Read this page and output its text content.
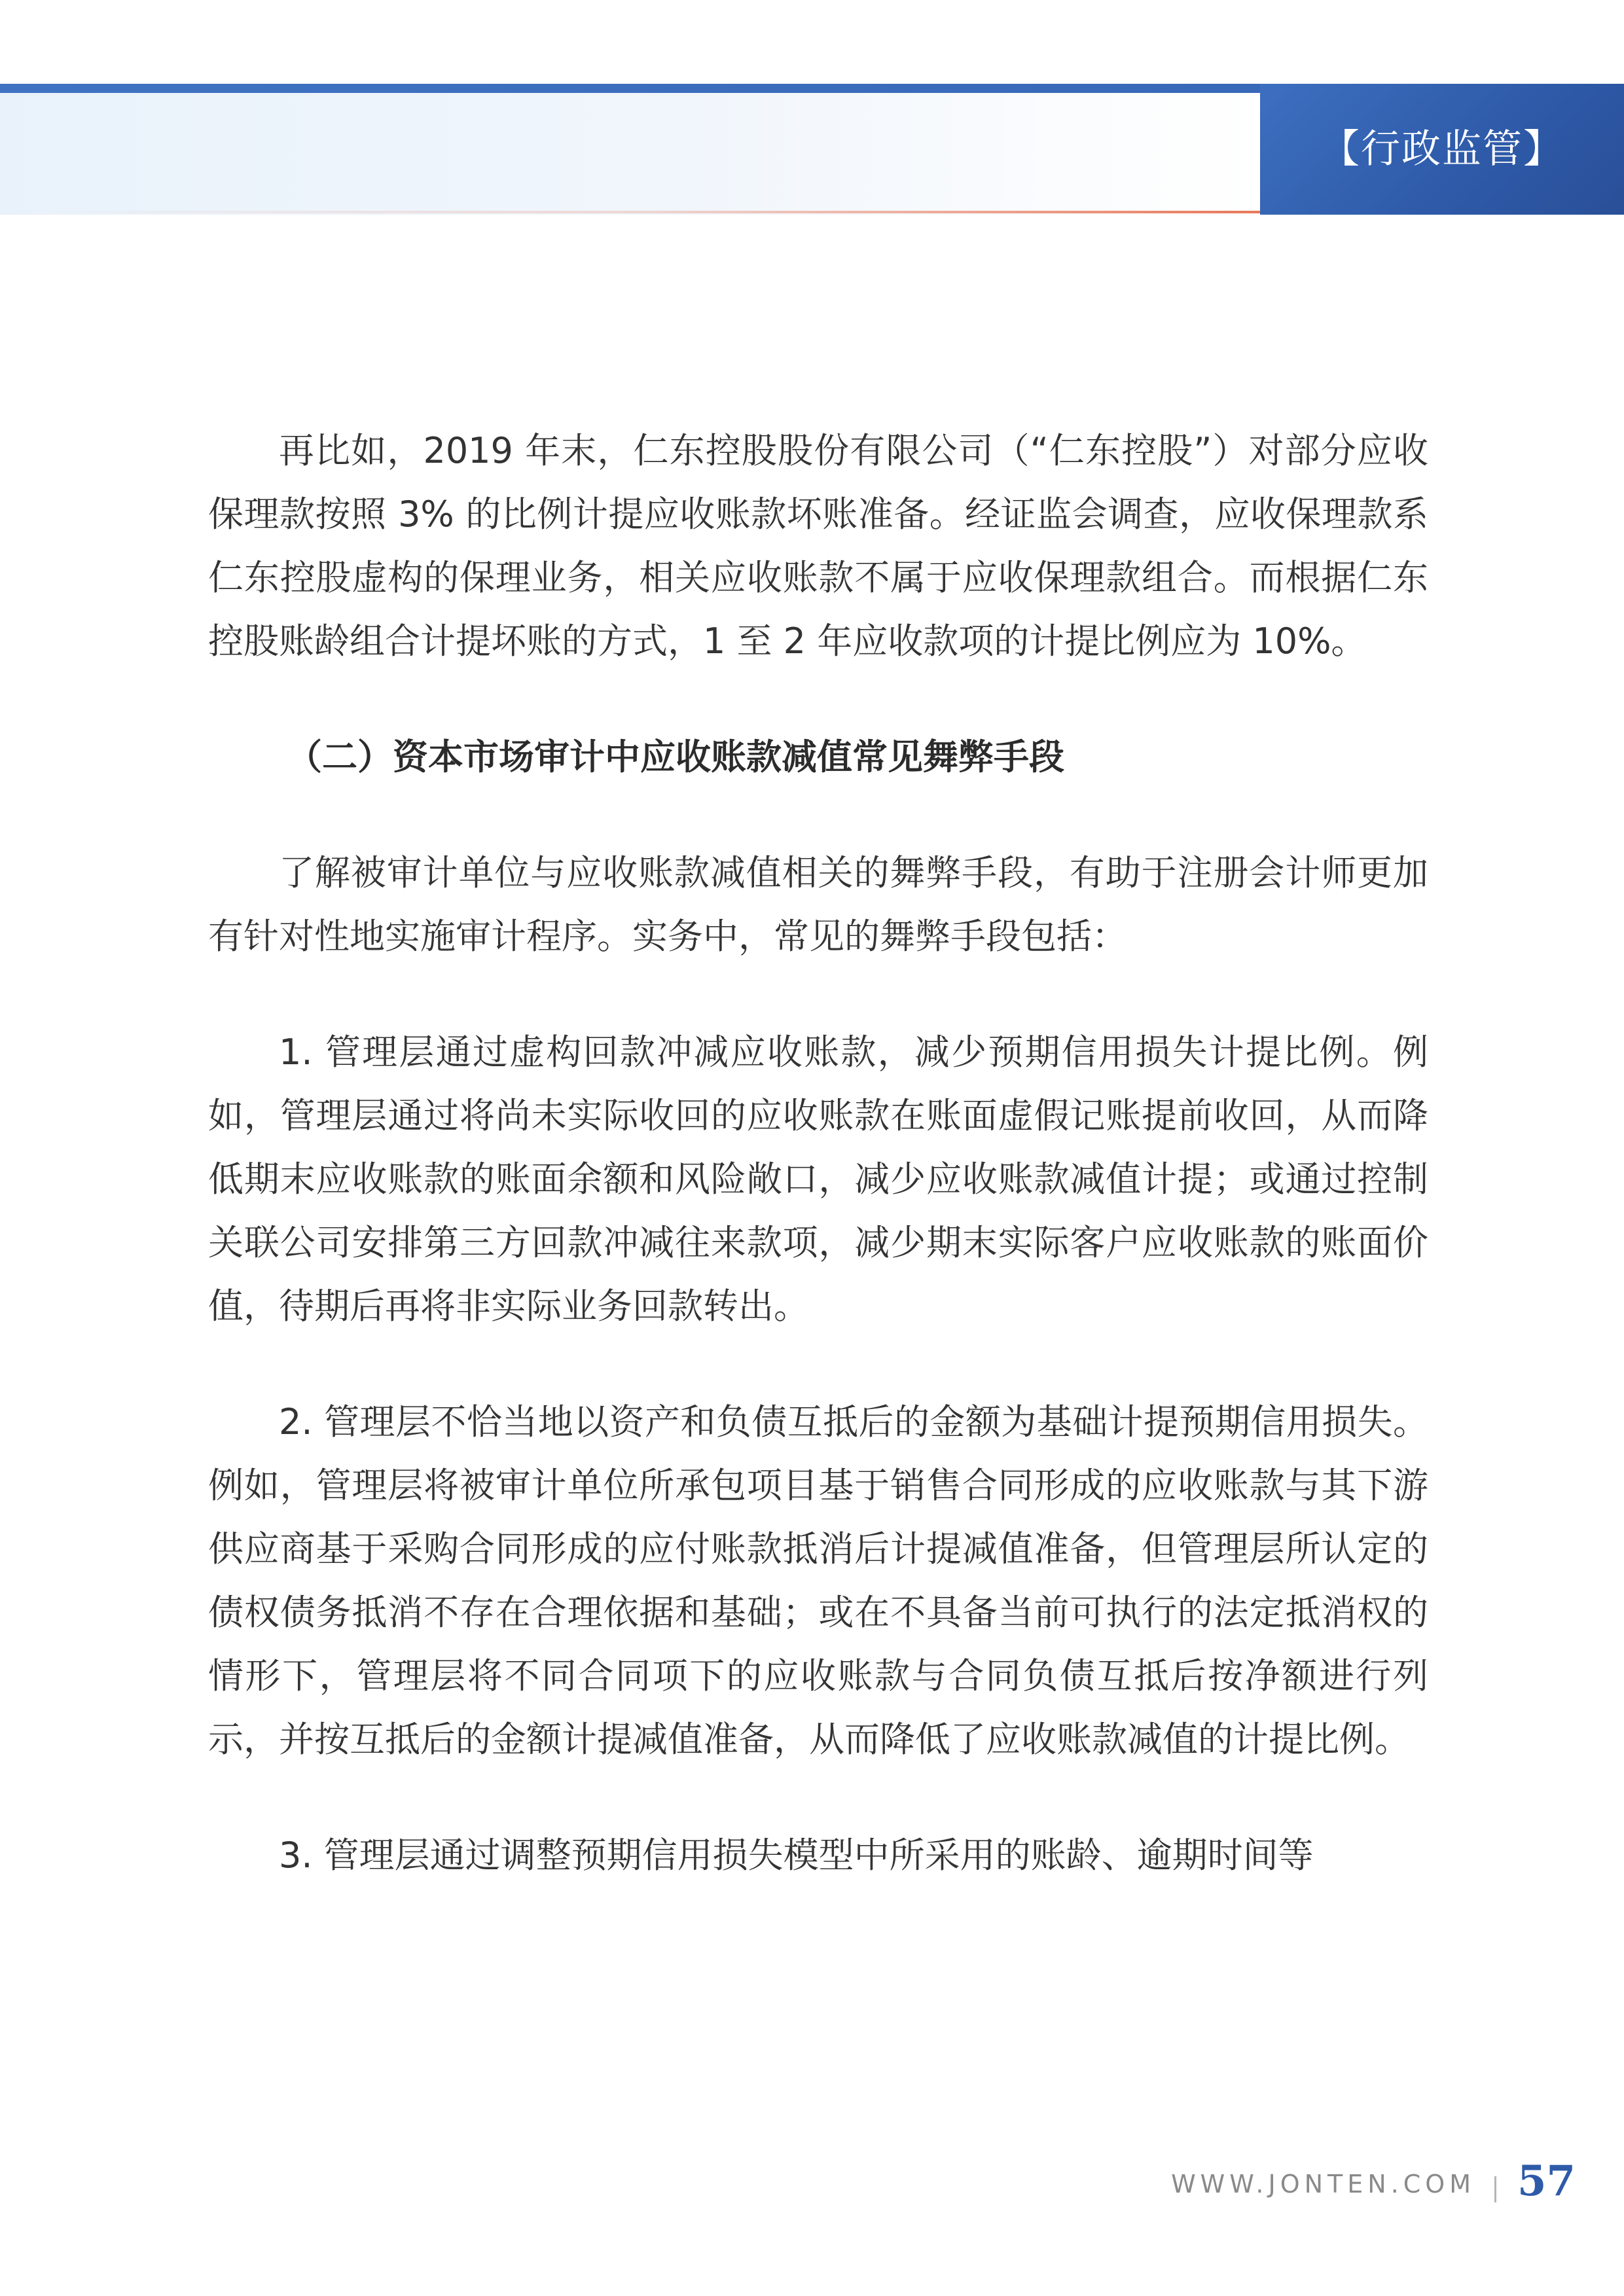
【行政监管】

再比如，2019 年末，仁东控股股份有限公司（“仁东控股”）对部分应收保理款按照 3% 的比例计提应收账款坏账准备。经证监会调查，应收保理款系仁东控股虚构的保理业务，相关应收账款不属于应收保理款组合。而根据仁东控股账龄组合计提坏账的方式，1 至 2 年应收款项的计提比例应为 10%。

（二）资本市场审计中应收账款减值常见舞弊手段

了解被审计单位与应收账款减值相关的舞弊手段，有助于注册会计师更加有针对性地实施审计程序。实务中，常见的舞弊手段包括：

1. 管理层通过虚构回款冲减应收账款，减少预期信用损失计提比例。例如，管理层通过将尚未实际收回的应收账款在账面虚假记账提前收回，从而降低期末应收账款的账面余额和风险敞口，减少应收账款减值计提；或通过控制关联公司安排第三方回款冲减往来款项，减少期末实际客户应收账款的账面价值，待期后再将非实际业务回款转出。

2. 管理层不恰当地以资产和负债互抵后的金额为基础计提预期信用损失。例如，管理层将被审计单位所承包项目基于销售合同形成的应收账款与其下游供应商基于采购合同形成的应付账款抵消后计提减值准备，但管理层所认定的债权债务抵消不存在合理依据和基础；或在不具备当前可执行的法定抵消权的情形下，管理层将不同合同项下的应收账款与合同负债互抵后按净额进行列示，并按互抵后的金额计提减值准备，从而降低了应收账款减值的计提比例。

3. 管理层通过调整预期信用损失模型中所采用的账龄、逾期时间等

WWW.JONTEN.COM 57
